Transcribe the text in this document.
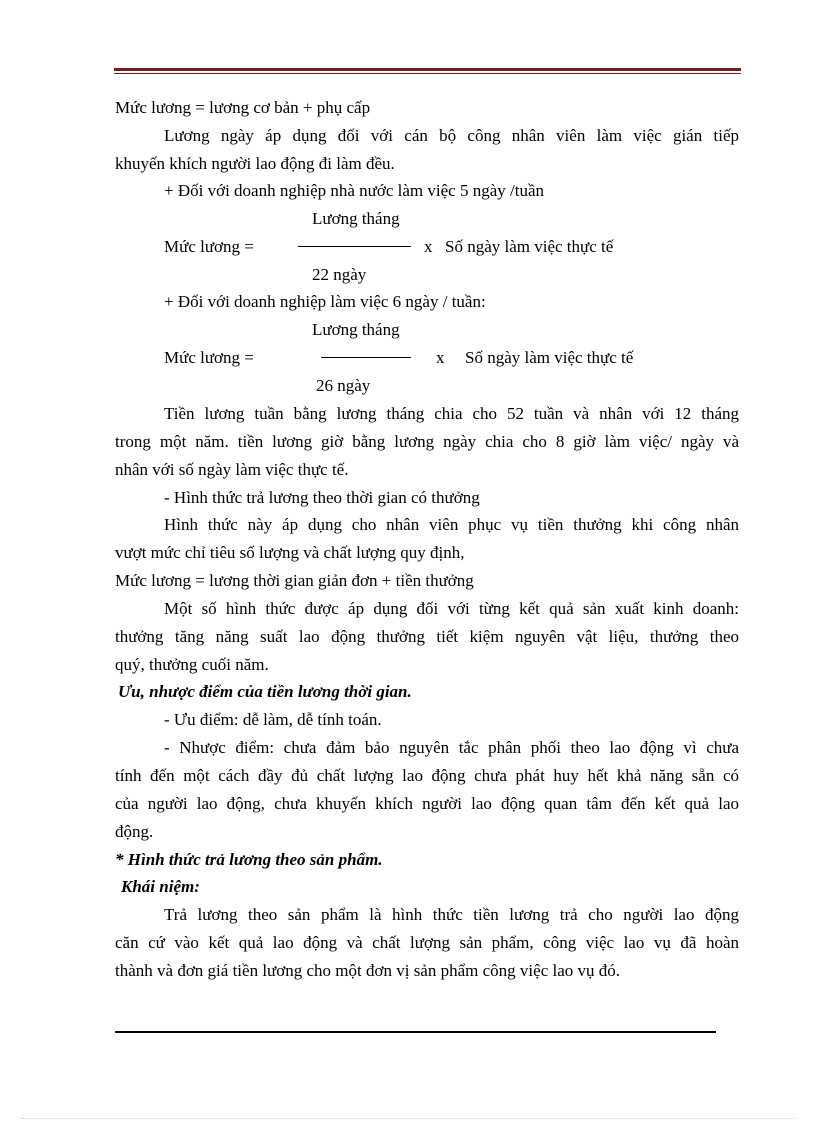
Mức lương = lương cơ bản + phụ cấp
Lương ngày áp dụng đối với cán bộ công nhân viên làm việc gián tiếp
khuyến khích người lao động đi làm đều.
+ Đối với doanh nghiệp nhà nước làm việc 5 ngày /tuần
Lương tháng
Mức lương =	x Số ngày làm việc thực tế
22 ngày
+ Đối với doanh nghiệp làm việc 6 ngày / tuần:
Lương tháng
Mức lương =	x Số ngày làm việc thực tế
26 ngày
Tiền lương tuần bằng lương tháng chia cho 52 tuần và nhân với 12 tháng
trong một năm. tiền lương giờ bằng lương ngày chia cho 8 giờ làm việc/ ngày và
nhân với số ngày làm việc thực tế.
- Hình thức trả lương theo thời gian có thưởng
Hình thức này áp dụng cho nhân viên phục vụ tiền thưởng khi công nhân
vượt mức chỉ tiêu số lượng và chất lượng quy định,
Mức lương = lương thời gian giản đơn + tiền thưởng
Một số hình thức được áp dụng đối với từng kết quả sản xuất kinh doanh:
thưởng tăng năng suất lao động thưởng tiết kiệm nguyên vật liệu, thưởng theo
quý, thưởng cuối năm.
Ưu, nhược điểm của tiền lương thời gian.
- Ưu điểm: dễ làm, dễ tính toán.
- Nhược điểm: chưa đảm bảo nguyên tắc phân phối theo lao động vì chưa
tính đến một cách đầy đủ chất lượng lao động chưa phát huy hết khả năng sẵn có
của người lao động, chưa khuyến khích người lao động quan tâm đến kết quả lao
động.
* Hình thức trả lương theo sản phẩm.
Khái niệm:
Trả lương theo sản phẩm là hình thức tiền lương trả cho người lao động
căn cứ vào kết quả lao động và chất lượng sản phẩm, công việc lao vụ đã hoàn
thành và đơn giá tiền lương cho một đơn vị sản phẩm công việc lao vụ đó.
